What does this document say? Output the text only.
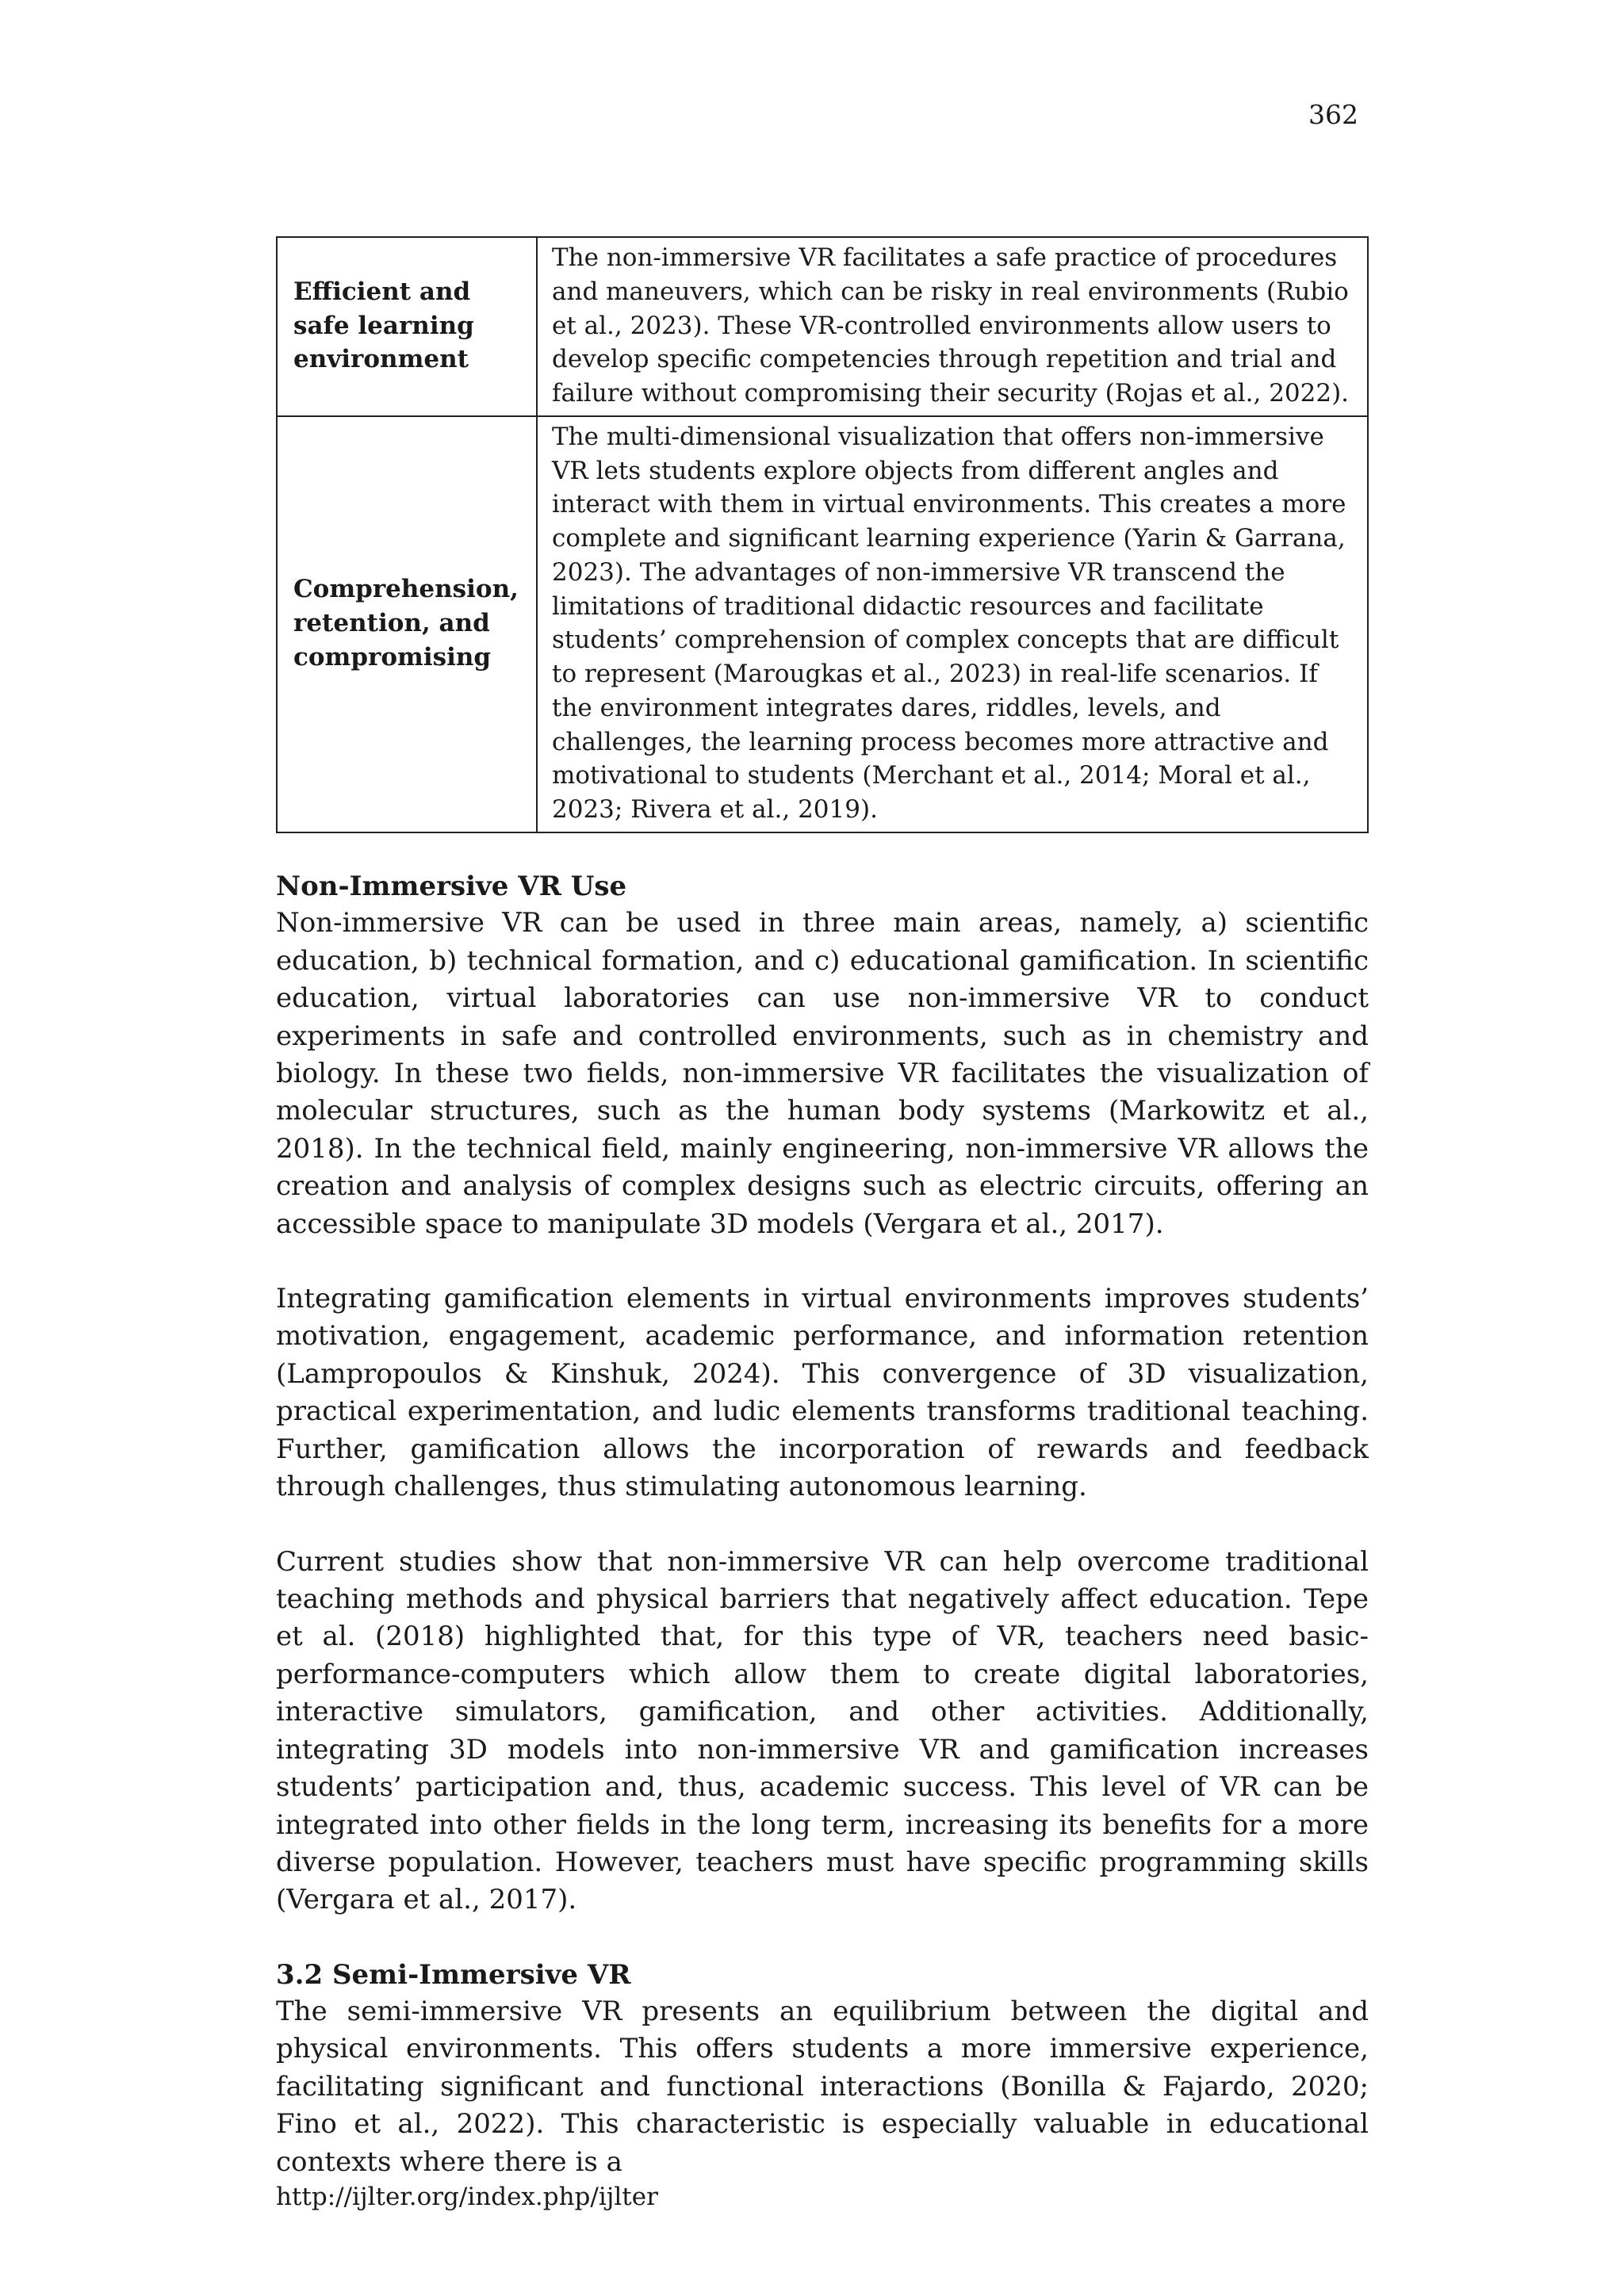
362
Efficient and safe learning environment	The non-immersive VR facilitates a safe practice of procedures and maneuvers, which can be risky in real environments (Rubio et al., 2023). These VR-controlled environments allow users to develop specific competencies through repetition and trial and failure without compromising their security (Rojas et al., 2022).
Comprehension, retention, and compromising	The multi-dimensional visualization that offers non-immersive VR lets students explore objects from different angles and interact with them in virtual environments. This creates a more complete and significant learning experience (Yarin & Garrana, 2023). The advantages of non-immersive VR transcend the limitations of traditional didactic resources and facilitate students’ comprehension of complex concepts that are difficult to represent (Marougkas et al., 2023) in real-life scenarios. If the environment integrates dares, riddles, levels, and challenges, the learning process becomes more attractive and motivational to students (Merchant et al., 2014; Moral et al., 2023; Rivera et al., 2019).
Non-Immersive VR Use

Non-immersive VR can be used in three main areas, namely, a) scientific education, b) technical formation, and c) educational gamification. In scientific education, virtual laboratories can use non-immersive VR to conduct experiments in safe and controlled environments, such as in chemistry and biology. In these two fields, non-immersive VR facilitates the visualization of molecular structures, such as the human body systems (Markowitz et al., 2018). In the technical field, mainly engineering, non-immersive VR allows the creation and analysis of complex designs such as electric circuits, offering an accessible space to manipulate 3D models (Vergara et al., 2017).

Integrating gamification elements in virtual environments improves students’ motivation, engagement, academic performance, and information retention (Lampropoulos & Kinshuk, 2024). This convergence of 3D visualization, practical experimentation, and ludic elements transforms traditional teaching. Further, gamification allows the incorporation of rewards and feedback through challenges, thus stimulating autonomous learning.

Current studies show that non-immersive VR can help overcome traditional teaching methods and physical barriers that negatively affect education. Tepe et al. (2018) highlighted that, for this type of VR, teachers need basic-performance-computers which allow them to create digital laboratories, interactive simulators, gamification, and other activities. Additionally, integrating 3D models into non-immersive VR and gamification increases students’ participation and, thus, academic success. This level of VR can be integrated into other fields in the long term, increasing its benefits for a more diverse population. However, teachers must have specific programming skills (Vergara et al., 2017).

3.2 Semi-Immersive VR

The semi-immersive VR presents an equilibrium between the digital and physical environments. This offers students a more immersive experience, facilitating significant and functional interactions (Bonilla & Fajardo, 2020; Fino et al., 2022). This characteristic is especially valuable in educational contexts where there is a

http://ijlter.org/index.php/ijlter
